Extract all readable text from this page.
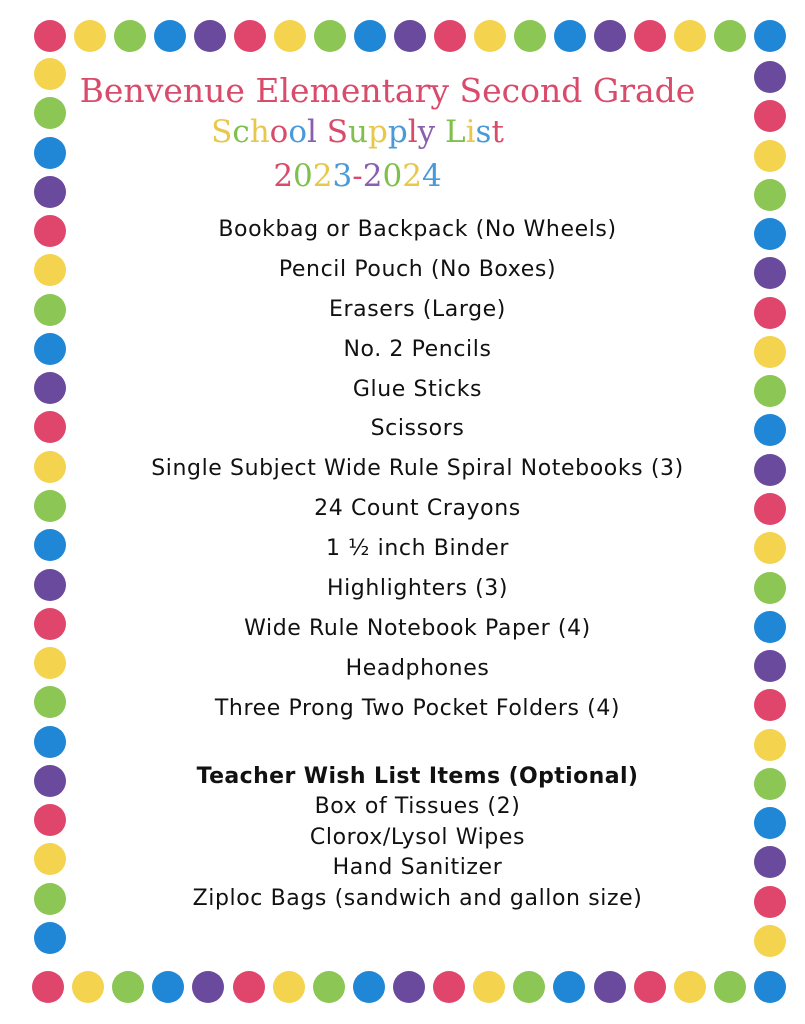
Benvenue Elementary Second Grade
School Supply List
2023-2024
Bookbag or Backpack (No Wheels)
Pencil Pouch (No Boxes)
Erasers (Large)
No. 2 Pencils
Glue Sticks
Scissors
Single Subject Wide Rule Spiral Notebooks (3)
24 Count Crayons
1 ½ inch Binder
Highlighters (3)
Wide Rule Notebook Paper (4)
Headphones
Three Prong Two Pocket Folders (4)
Teacher Wish List Items (Optional)
Box of Tissues (2)
Clorox/Lysol Wipes
Hand Sanitizer
Ziploc Bags (sandwich and gallon size)
